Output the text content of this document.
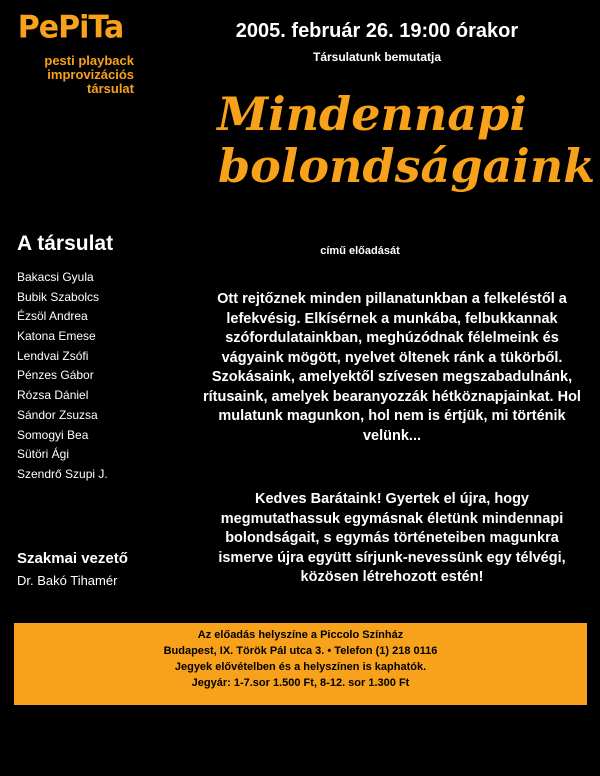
PePiTa
pesti playback
improvizációs
társulat
2005. február 26. 19:00 órakor
Társulatunk bemutatja
Mindennapi
bolondságaink
című előadását
A társulat
Bakacsi Gyula
Bubik Szabolcs
Ézsöl Andrea
Katona Emese
Lendvai Zsófi
Pénzes Gábor
Rózsa Dániel
Sándor Zsuzsa
Somogyi Bea
Sütöri Ági
Szendrő Szupi J.
Szakmai vezető
Dr. Bakó Tihamér
Ott rejtőznek minden pillanatunkban a felkeléstől a lefekvésig. Elkísérnek a munkába, felbukkannak szófordulatainkban, meghúzódnak félelmeink és vágyaink mögött, nyelvet öltenek ránk a tükörből. Szokásaink, amelyektől szívesen megszabadulnánk, rítusaink, amelyek bearanyozzák hétköznapjainkat. Hol mulatunk magunkon, hol nem is értjük, mi történik velünk...
Kedves Barátaink! Gyertek el újra, hogy megmutathassuk egymásnak életünk mindennapi bolondságait, s egymás történeteiben magunkra ismerve újra együtt sírjunk-nevessünk egy télvégi, közösen létrehozott estén!
Az előadás helyszíne a Piccolo Színház
Budapest, IX. Török Pál utca 3. • Telefon (1) 218 0116
Jegyek elővételben és a helyszínen is kaphatók.
Jegyár: 1-7.sor 1.500 Ft, 8-12. sor 1.300 Ft
